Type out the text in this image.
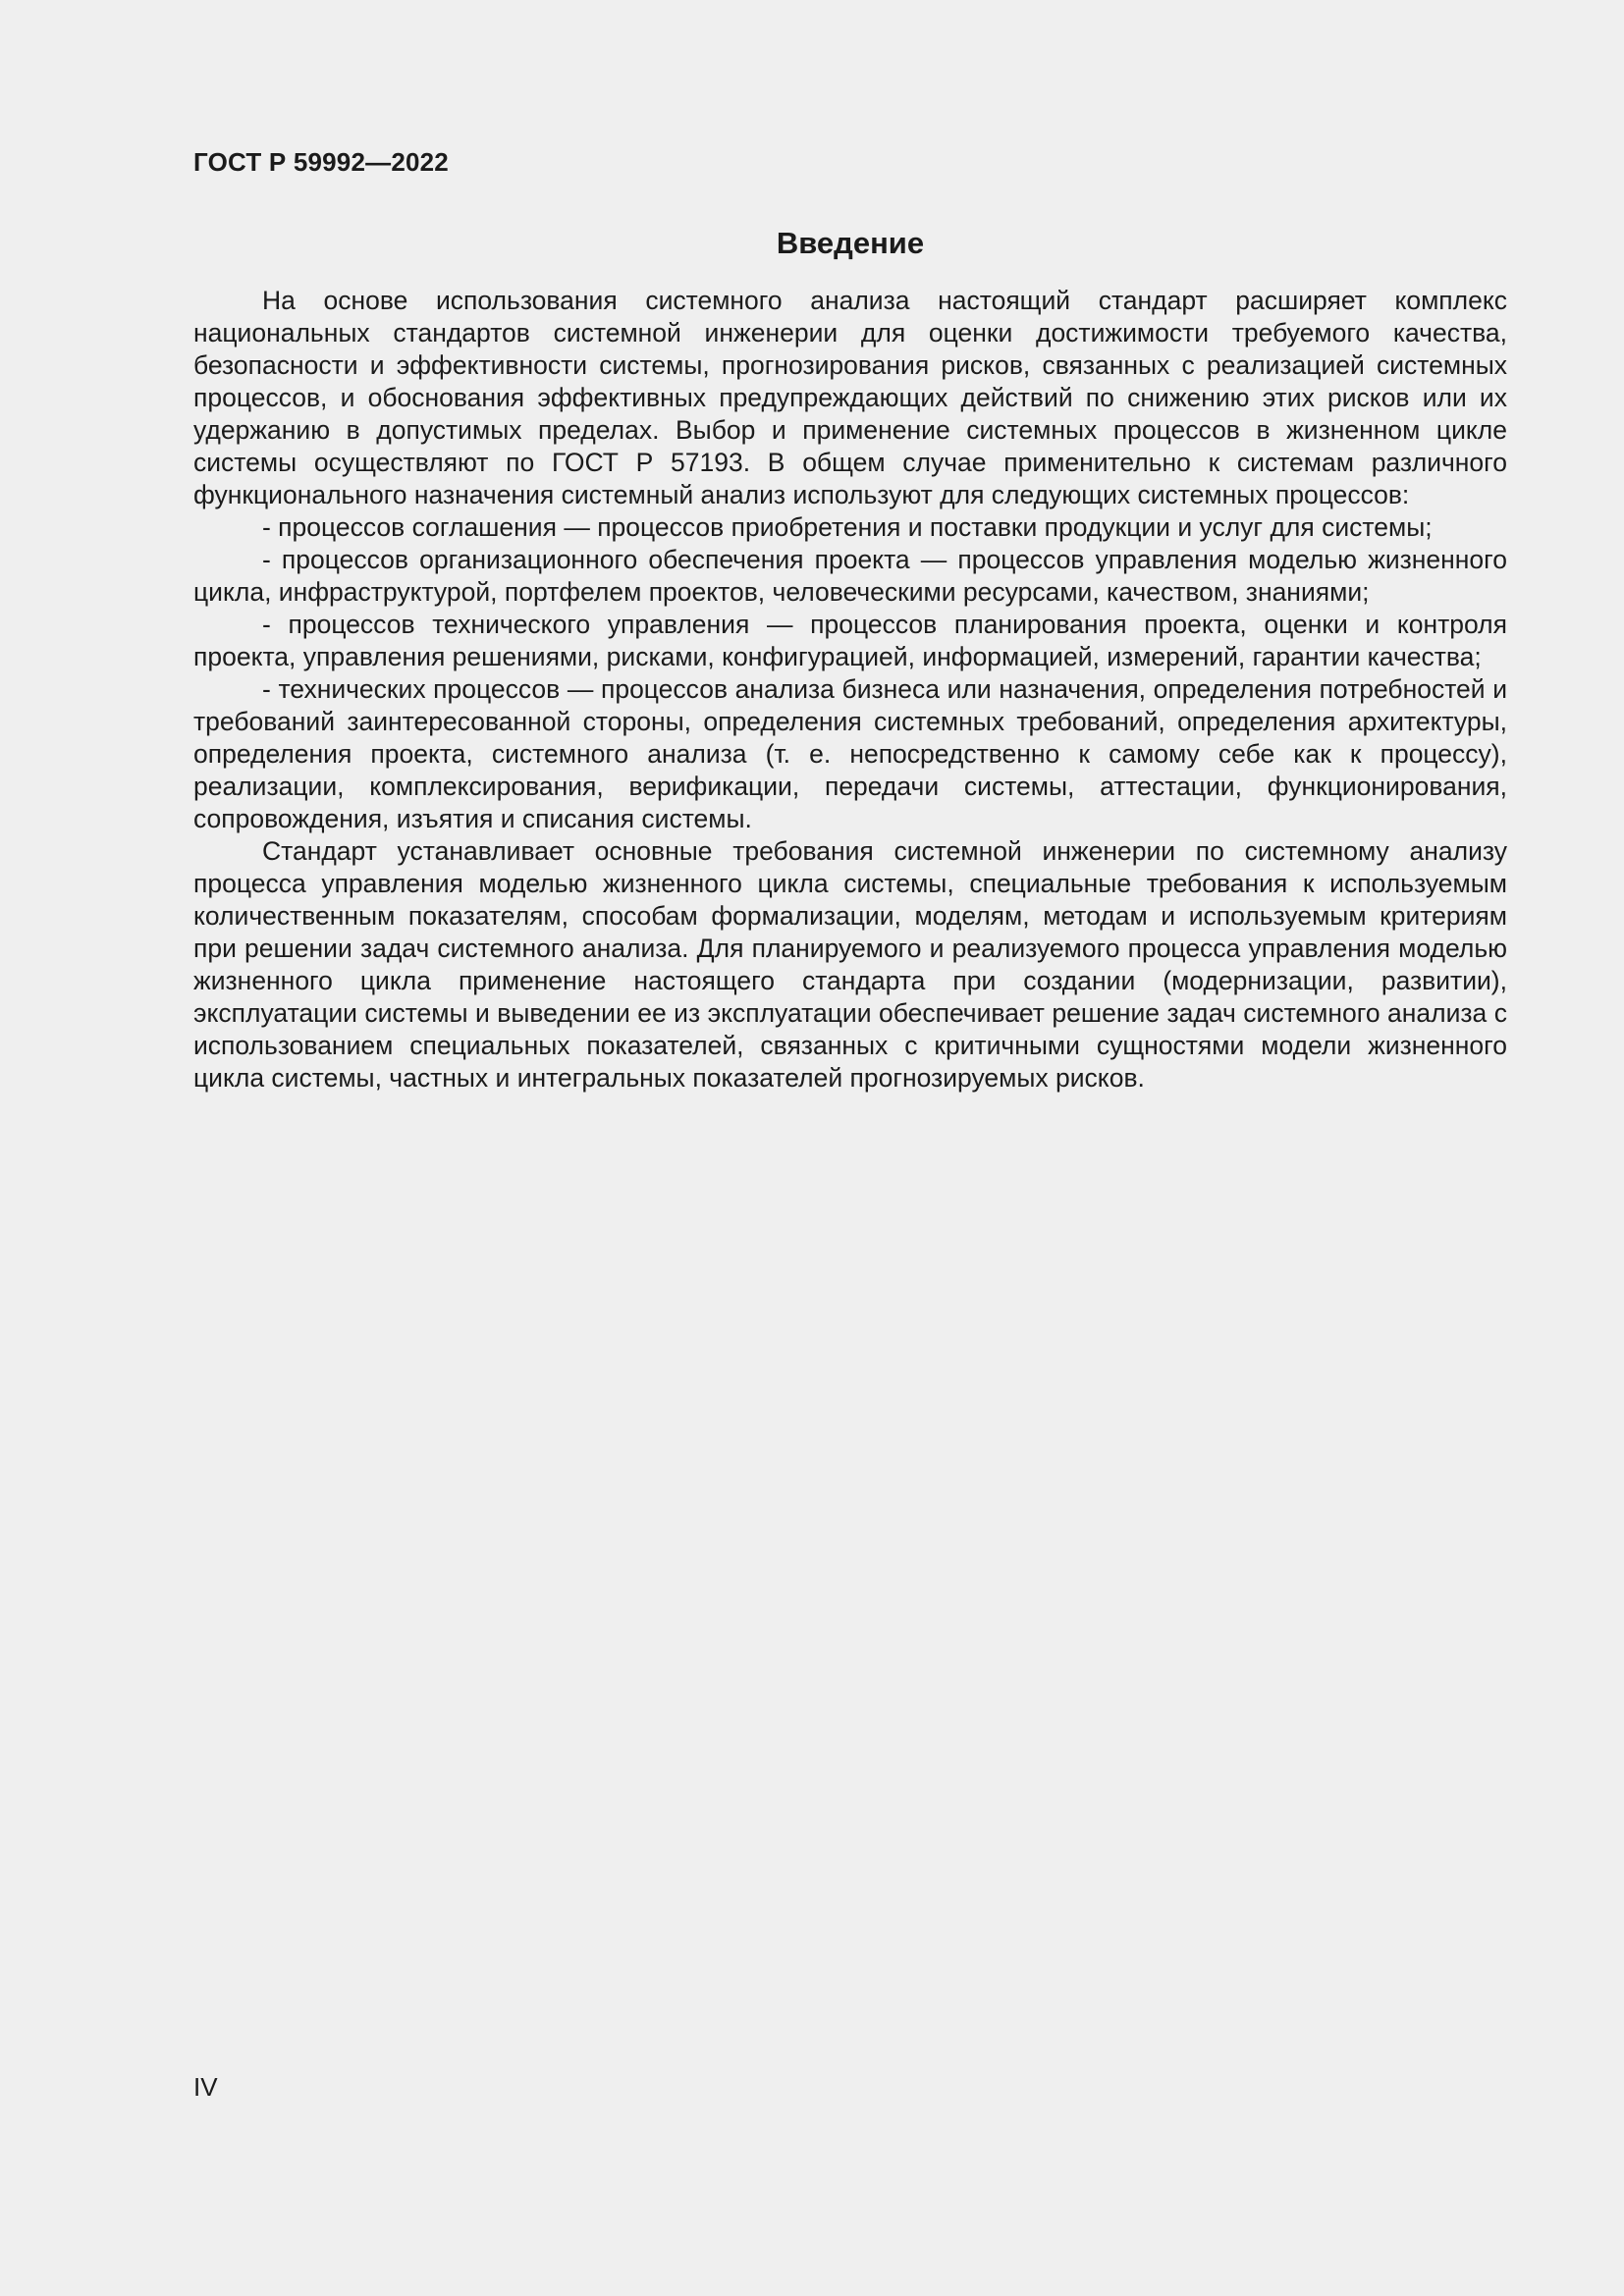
ГОСТ Р 59992—2022
Введение

На основе использования системного анализа настоящий стандарт расширяет комплекс национальных стандартов системной инженерии для оценки достижимости требуемого качества, безопасности и эффективности системы, прогнозирования рисков, связанных с реализацией системных процессов, и обоснования эффективных предупреждающих действий по снижению этих рисков или их удержанию в допустимых пределах. Выбор и применение системных процессов в жизненном цикле системы осуществляют по ГОСТ Р 57193. В общем случае применительно к системам различного функционального назначения системный анализ используют для следующих системных процессов:

- процессов соглашения — процессов приобретения и поставки продукции и услуг для системы;

- процессов организационного обеспечения проекта — процессов управления моделью жизненного цикла, инфраструктурой, портфелем проектов, человеческими ресурсами, качеством, знаниями;

- процессов технического управления — процессов планирования проекта, оценки и контроля проекта, управления решениями, рисками, конфигурацией, информацией, измерений, гарантии качества;

- технических процессов — процессов анализа бизнеса или назначения, определения потребностей и требований заинтересованной стороны, определения системных требований, определения архитектуры, определения проекта, системного анализа (т. е. непосредственно к самому себе как к процессу), реализации, комплексирования, верификации, передачи системы, аттестации, функционирования, сопровождения, изъятия и списания системы.

Стандарт устанавливает основные требования системной инженерии по системному анализу процесса управления моделью жизненного цикла системы, специальные требования к используемым количественным показателям, способам формализации, моделям, методам и используемым критериям при решении задач системного анализа. Для планируемого и реализуемого процесса управления моделью жизненного цикла применение настоящего стандарта при создании (модернизации, развитии), эксплуатации системы и выведении ее из эксплуатации обеспечивает решение задач системного анализа с использованием специальных показателей, связанных с критичными сущностями модели жизненного цикла системы, частных и интегральных показателей прогнозируемых рисков.

IV
